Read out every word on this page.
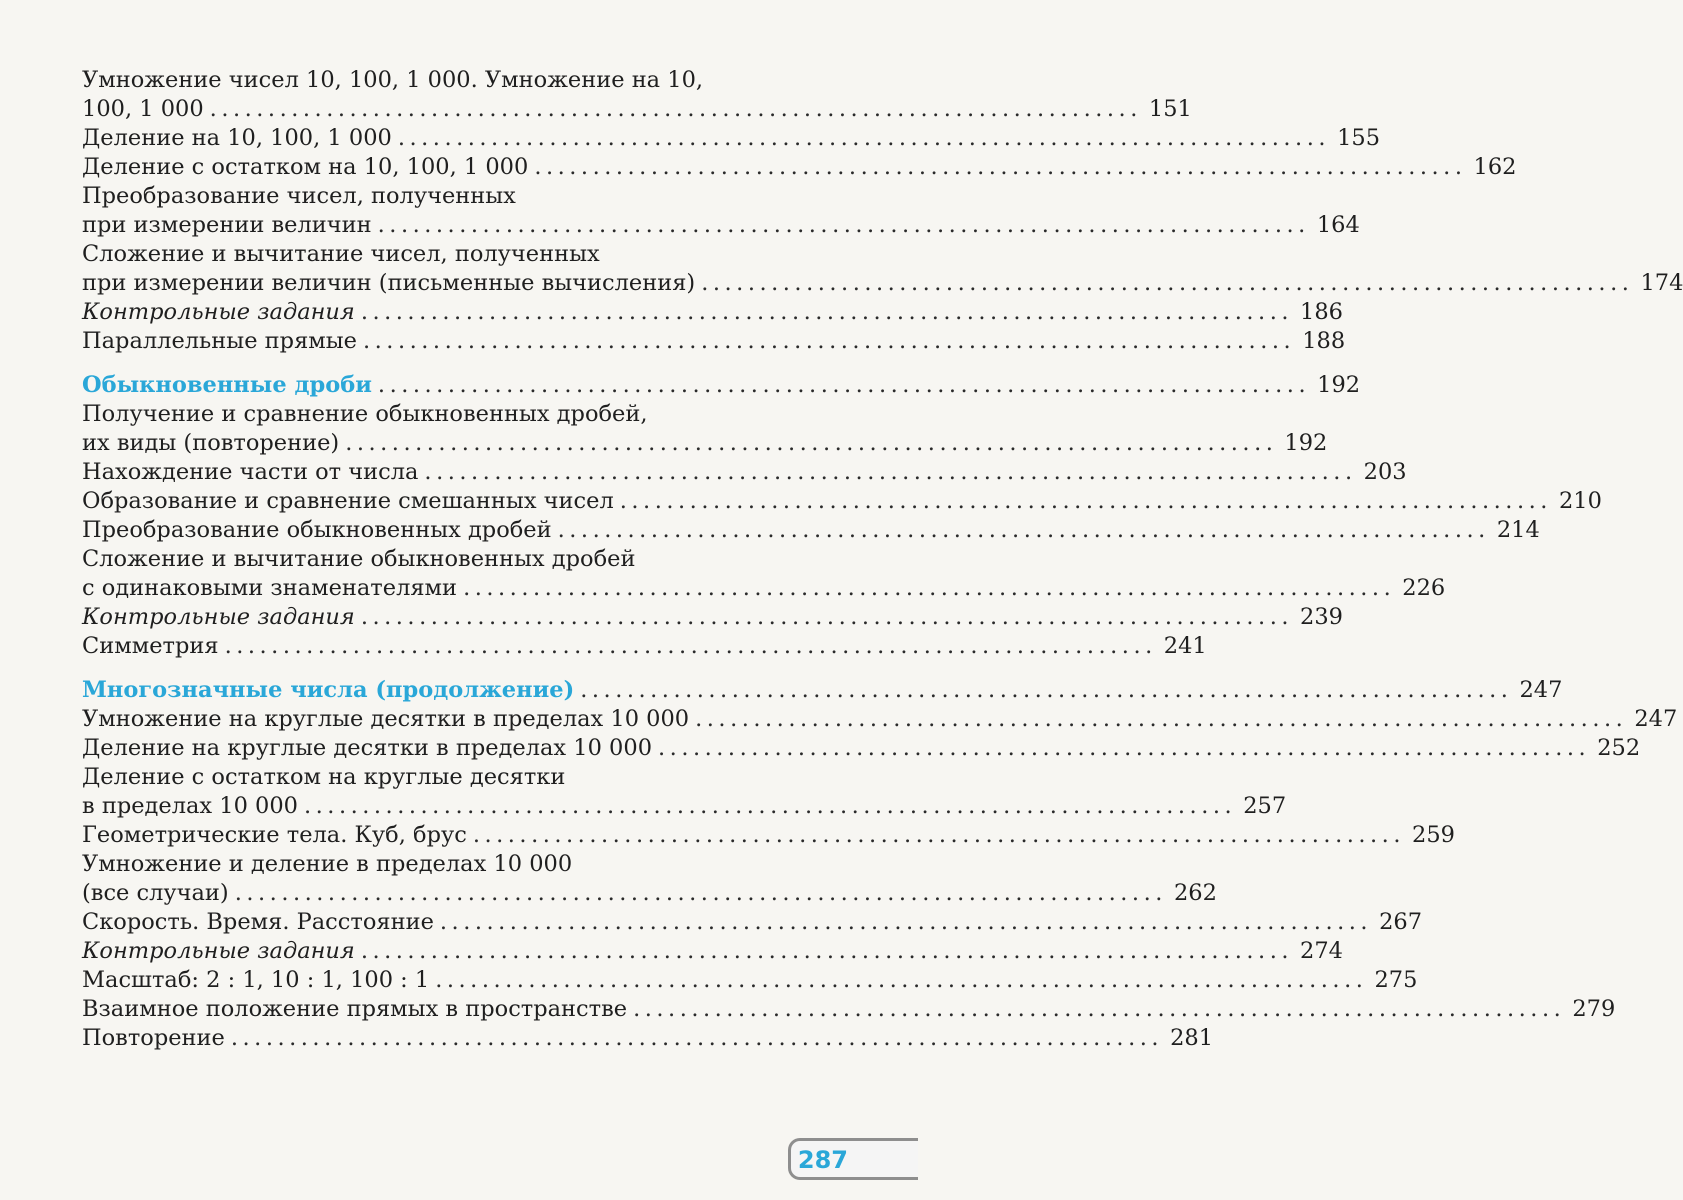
Умножение чисел 10, 100, 1 000. Умножение на 10,
100, 1 000 ................................................................................ 151
Деление на 10, 100, 1 000 ................................................................................ 155
Деление с остатком на 10, 100, 1 000 ................................................................................ 162
Преобразование чисел, полученных
при измерении величин ................................................................................ 164
Сложение и вычитание чисел, полученных
при измерении величин (письменные вычисления) ................................................................................ 174
Контрольные задания ................................................................................ 186
Параллельные прямые ................................................................................ 188
Обыкновенные дроби ................................................................................ 192
Получение и сравнение обыкновенных дробей,
их виды (повторение) ................................................................................ 192
Нахождение части от числа ................................................................................ 203
Образование и сравнение смешанных чисел ................................................................................ 210
Преобразование обыкновенных дробей ................................................................................ 214
Сложение и вычитание обыкновенных дробей
с одинаковыми знаменателями ................................................................................ 226
Контрольные задания ................................................................................ 239
Симметрия ................................................................................ 241
Многозначные числа (продолжение) ................................................................................ 247
Умножение на круглые десятки в пределах 10 000 ................................................................................ 247
Деление на круглые десятки в пределах 10 000 ................................................................................ 252
Деление с остатком на круглые десятки
в пределах 10 000 ................................................................................ 257
Геометрические тела. Куб, брус ................................................................................ 259
Умножение и деление в пределах 10 000
(все случаи) ................................................................................ 262
Скорость. Время. Расстояние ................................................................................ 267
Контрольные задания ................................................................................ 274
Масштаб: 2 : 1, 10 : 1, 100 : 1 ................................................................................ 275
Взаимное положение прямых в пространстве ................................................................................ 279
Повторение ................................................................................ 281
287
